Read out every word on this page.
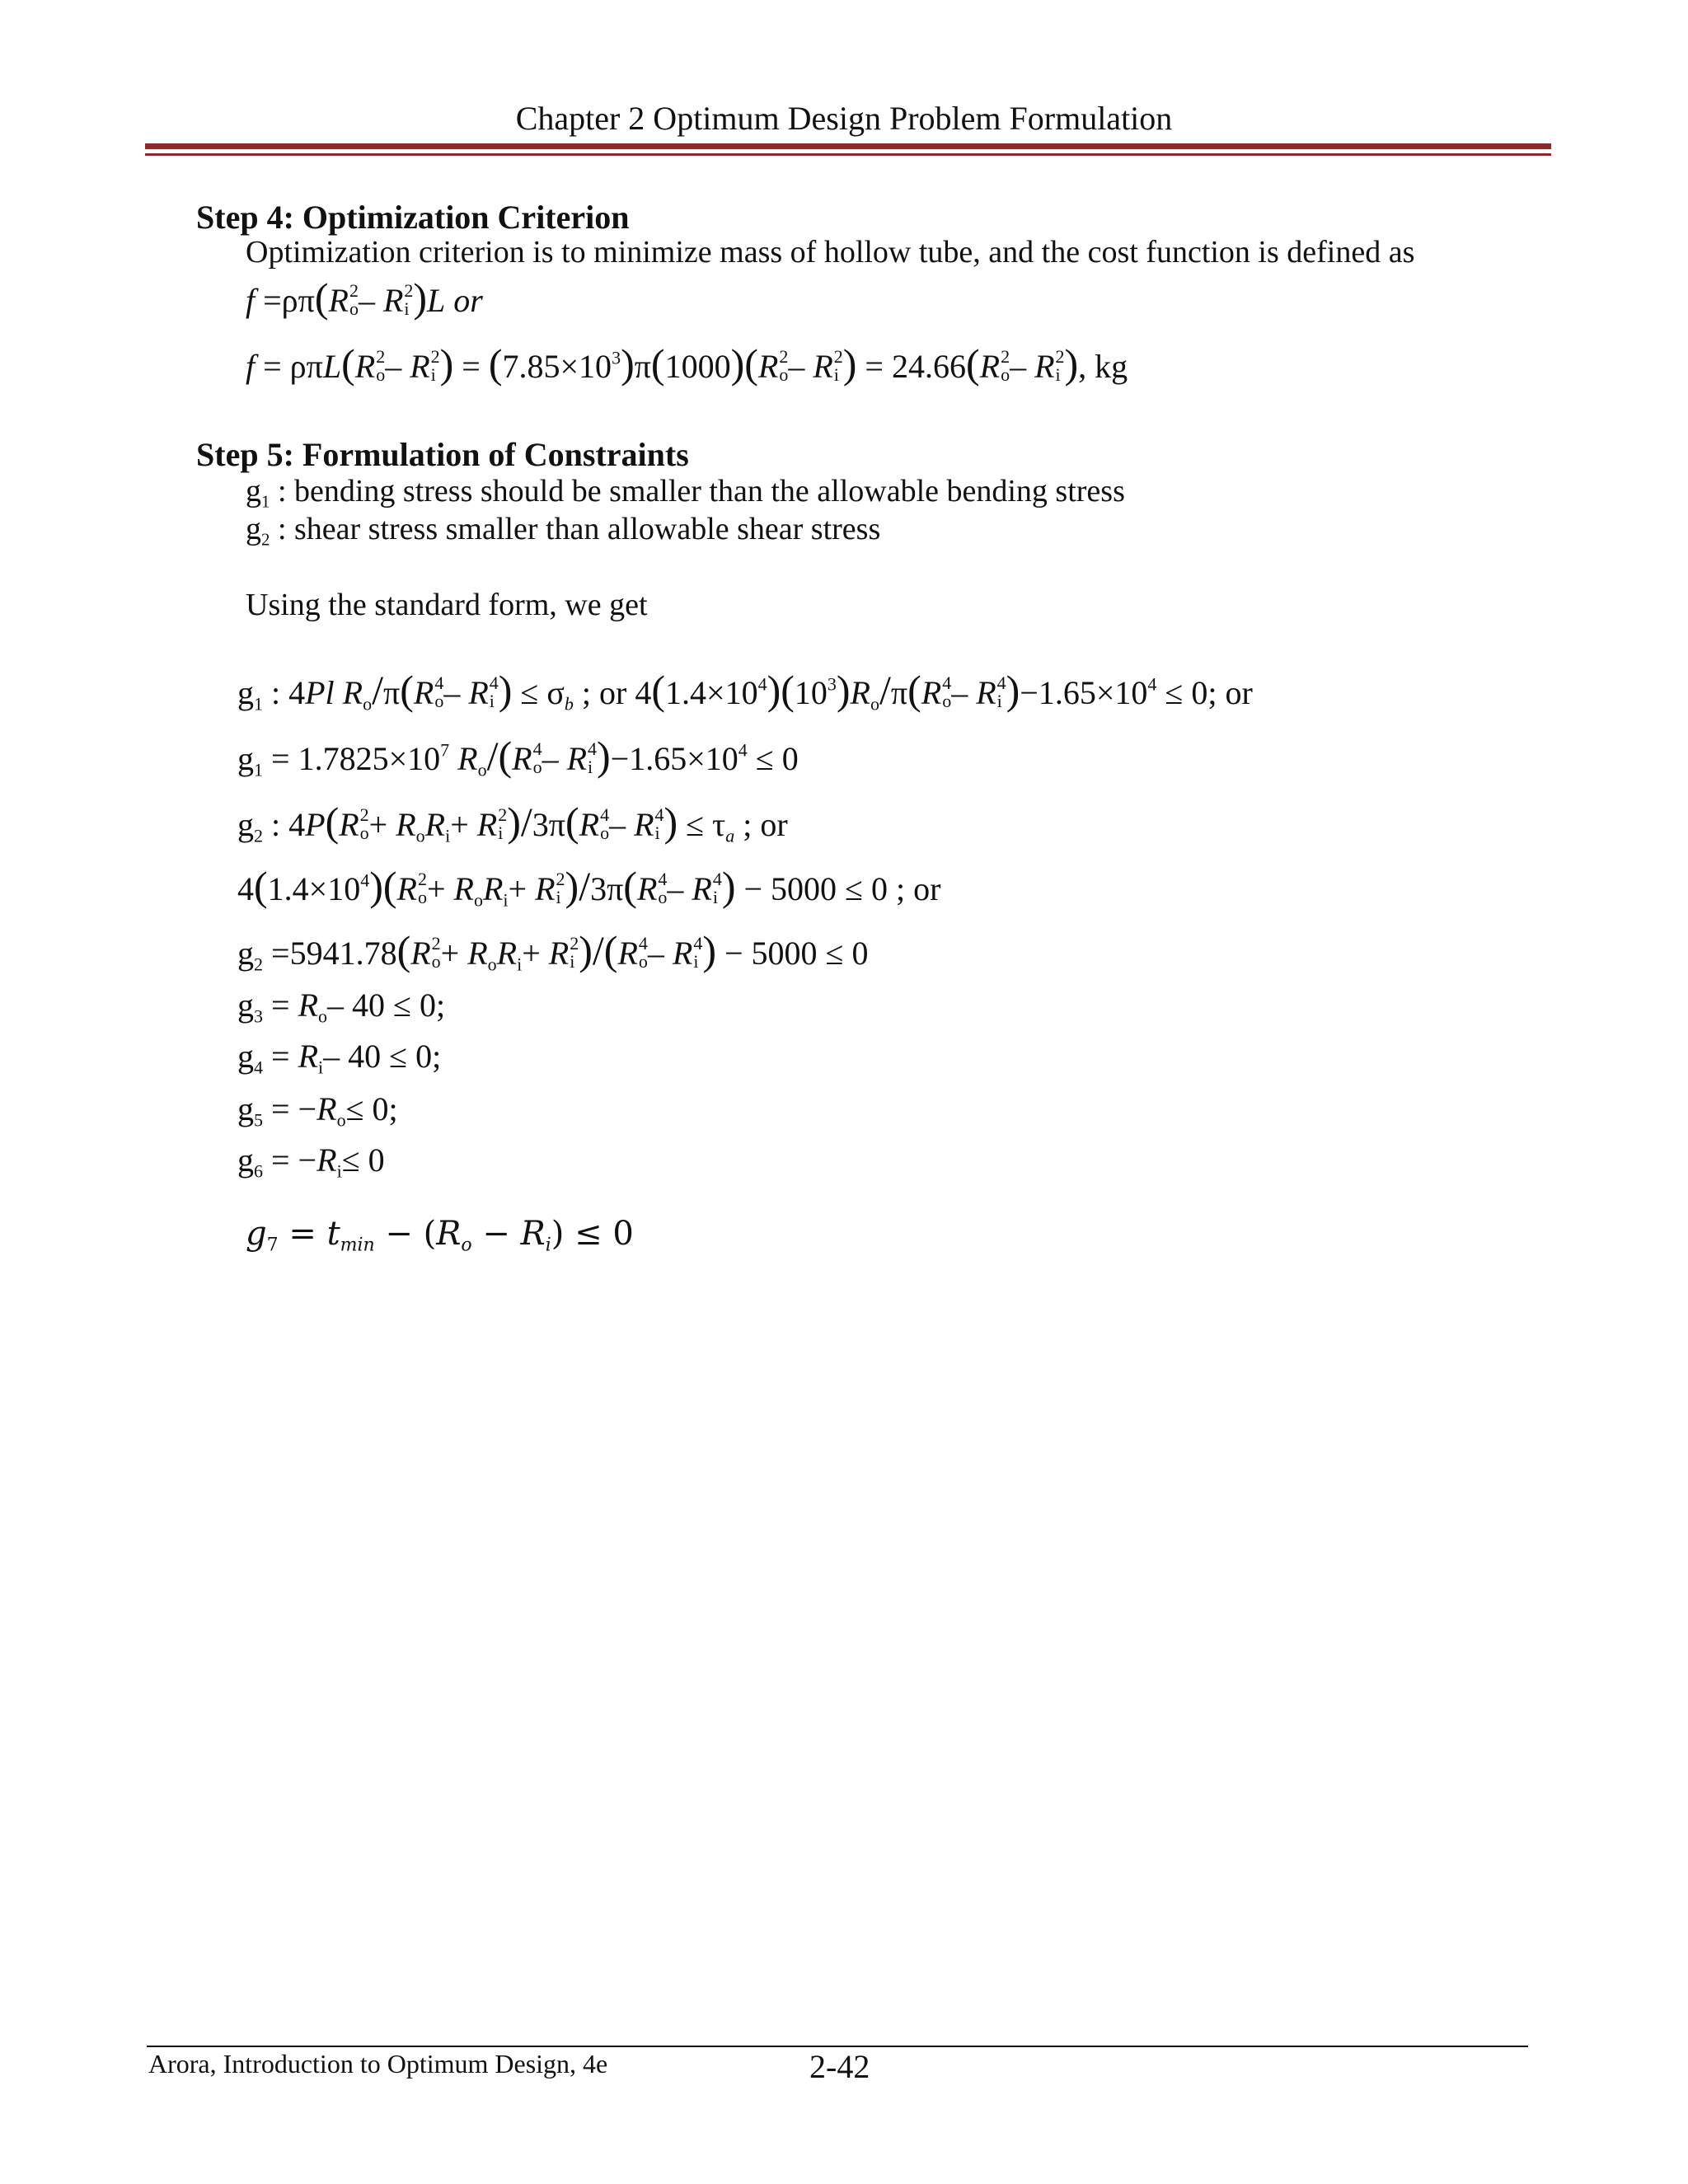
Chapter 2 Optimum Design Problem Formulation
Step 4: Optimization Criterion
Optimization criterion is to minimize mass of hollow tube, and the cost function is defined as
f =ρπ(R 2
o – R 2
i )L or
f = ρπL(R 2
o – R 2
i ) = $(7.85\times 10^3)\pi(1000)(R$ 2
o – R 2
i ) = 24.66(R 2
o – R 2
i ), kg
Step 5: Formulation of Constraints
$g_1$ : bending stress should be smaller than the allowable bending stress
$g_2$ : shear stress smaller than allowable shear stress
Using the standard form, we get
$g_1$ : 4Pl $R_o/\pi(R$ 4
o – R 4
i ) ≤ $\sigma_b$ ; or $4(1.4\times 10^4)(10^3)R_o/\pi(R$ 4
o – R 4
i )$-1.65\times 10^4 \le 0$; or
$g_1 = 1.7825\times 10^7$ $R_o/(R$ 4
o – R 4
i )$-1.65\times 10^4 \le 0$
$g_2$ : 4P(R 2
$o + R_oR_i+ R$ 2
i )/3π(R 4
o – R 4
i ) ≤ $\tau_a$ ; or
$4(1.4\times 10^4)(R$ 2
$o + R_oR_i+ R$ 2
i )/3π(R 4
o – R 4
i ) − 5000 ≤ 0 ; or
$g_2 =5941.78(R$ 2
$o + R_oR_i+ R$ 2
i )/(R 4
o – R 4
i ) − 5000 ≤ 0
$g_3 = R_o-$ 40 ≤ 0;
$g_4 = R_i-$ 40 ≤ 0;
$g_5 = -R_o\le 0$;
$g_6 = -R_i\le 0$
$g_7 = t_{min} - (R_o - R_i) \le 0$
Arora, Introduction to Optimum Design, 4e	2-42
